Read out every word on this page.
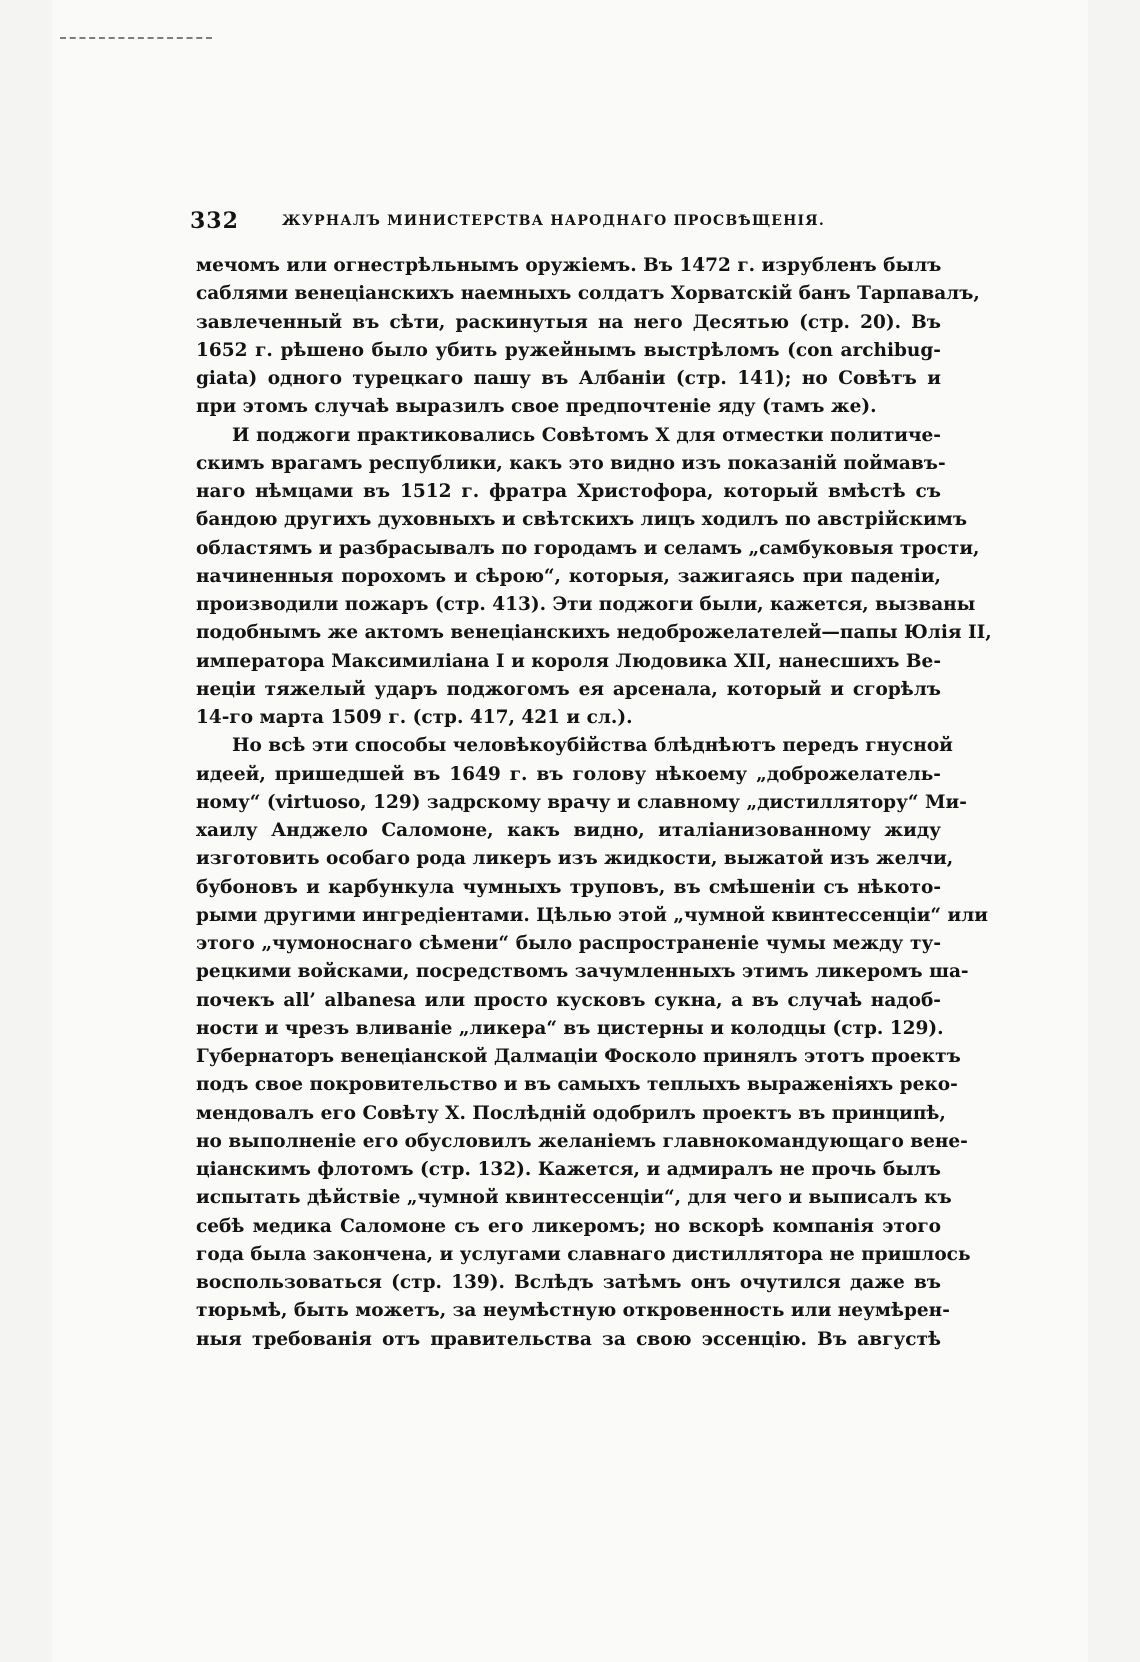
332	ЖУРНАЛЪ МИНИСТЕРСТВА НАРОДНАГО ПРОСВѢЩЕНІЯ.
мечомъ или огнестрѣльнымъ оружіемъ. Въ 1472 г. изрубленъ былъ
саблями венеціанскихъ наемныхъ солдатъ Хорватскій банъ Тарпавалъ,
завлеченный въ сѣти, раскинутыя на него Десятью (стр. 20). Въ
1652 г. рѣшено было убить ружейнымъ выстрѣломъ (con archibug-
giata) одного турецкаго пашу въ Албаніи (стр. 141); но Совѣтъ и
при этомъ случаѣ выразилъ свое предпочтеніе яду (тамъ же).
И поджоги практиковались Совѣтомъ X для отместки политиче-
скимъ врагамъ республики, какъ это видно изъ показаній поймавъ-
наго нѣмцами въ 1512 г. фратра Христофора, который вмѣстѣ съ
бандою другихъ духовныхъ и свѣтскихъ лицъ ходилъ по австрійскимъ
областямъ и разбрасывалъ по городамъ и селамъ „самбуковыя трости,
начиненныя порохомъ и сѣрою“, которыя, зажигаясь при паденіи,
производили пожаръ (стр. 413). Эти поджоги были, кажется, вызваны
подобнымъ же актомъ венеціанскихъ недоброжелателей—папы Юлія II,
императора Максимиліана I и короля Людовика XII, нанесшихъ Ве-
неціи тяжелый ударъ поджогомъ ея арсенала, который и сгорѣлъ
14-го марта 1509 г. (стр. 417, 421 и сл.).
Но всѣ эти способы человѣкоубійства блѣднѣютъ передъ гнусной
идеей, пришедшей въ 1649 г. въ голову нѣкоему „доброжелатель-
ному“ (virtuoso, 129) задрскому врачу и славному „дистиллятору“ Ми-
хаилу Анджело Саломоне, какъ видно, италіанизованному жиду
изготовить особаго рода ликеръ изъ жидкости, выжатой изъ желчи,
бубоновъ и карбункула чумныхъ труповъ, въ смѣшеніи съ нѣкото-
рыми другими ингредіентами. Цѣлью этой „чумной квинтессенціи“ или
этого „чумоноснаго сѣмени“ было распространеніе чумы между ту-
рецкими войсками, посредствомъ зачумленныхъ этимъ ликеромъ ша-
почекъ all’ albanesa или просто кусковъ сукна, а въ случаѣ надоб-
ности и чрезъ вливаніе „ликера“ въ цистерны и колодцы (стр. 129).
Губернаторъ венеціанской Далмаціи Фосколо принялъ этотъ проектъ
подъ свое покровительство и въ самыхъ теплыхъ выраженіяхъ реко-
мендовалъ его Совѣту X. Послѣдній одобрилъ проектъ въ принципѣ,
но выполненіе его обусловилъ желаніемъ главнокомандующаго вене-
ціанскимъ флотомъ (стр. 132). Кажется, и адмиралъ не прочь былъ
испытать дѣйствіе „чумной квинтессенціи“, для чего и выписалъ къ
себѣ медика Саломоне съ его ликеромъ; но вскорѣ компанія этого
года была закончена, и услугами славнаго дистиллятора не пришлось
воспользоваться (стр. 139). Вслѣдъ затѣмъ онъ очутился даже въ
тюрьмѣ, быть можетъ, за неумѣстную откровенность или неумѣрен-
ныя требованія отъ правительства за свою эссенцію. Въ августѣ
